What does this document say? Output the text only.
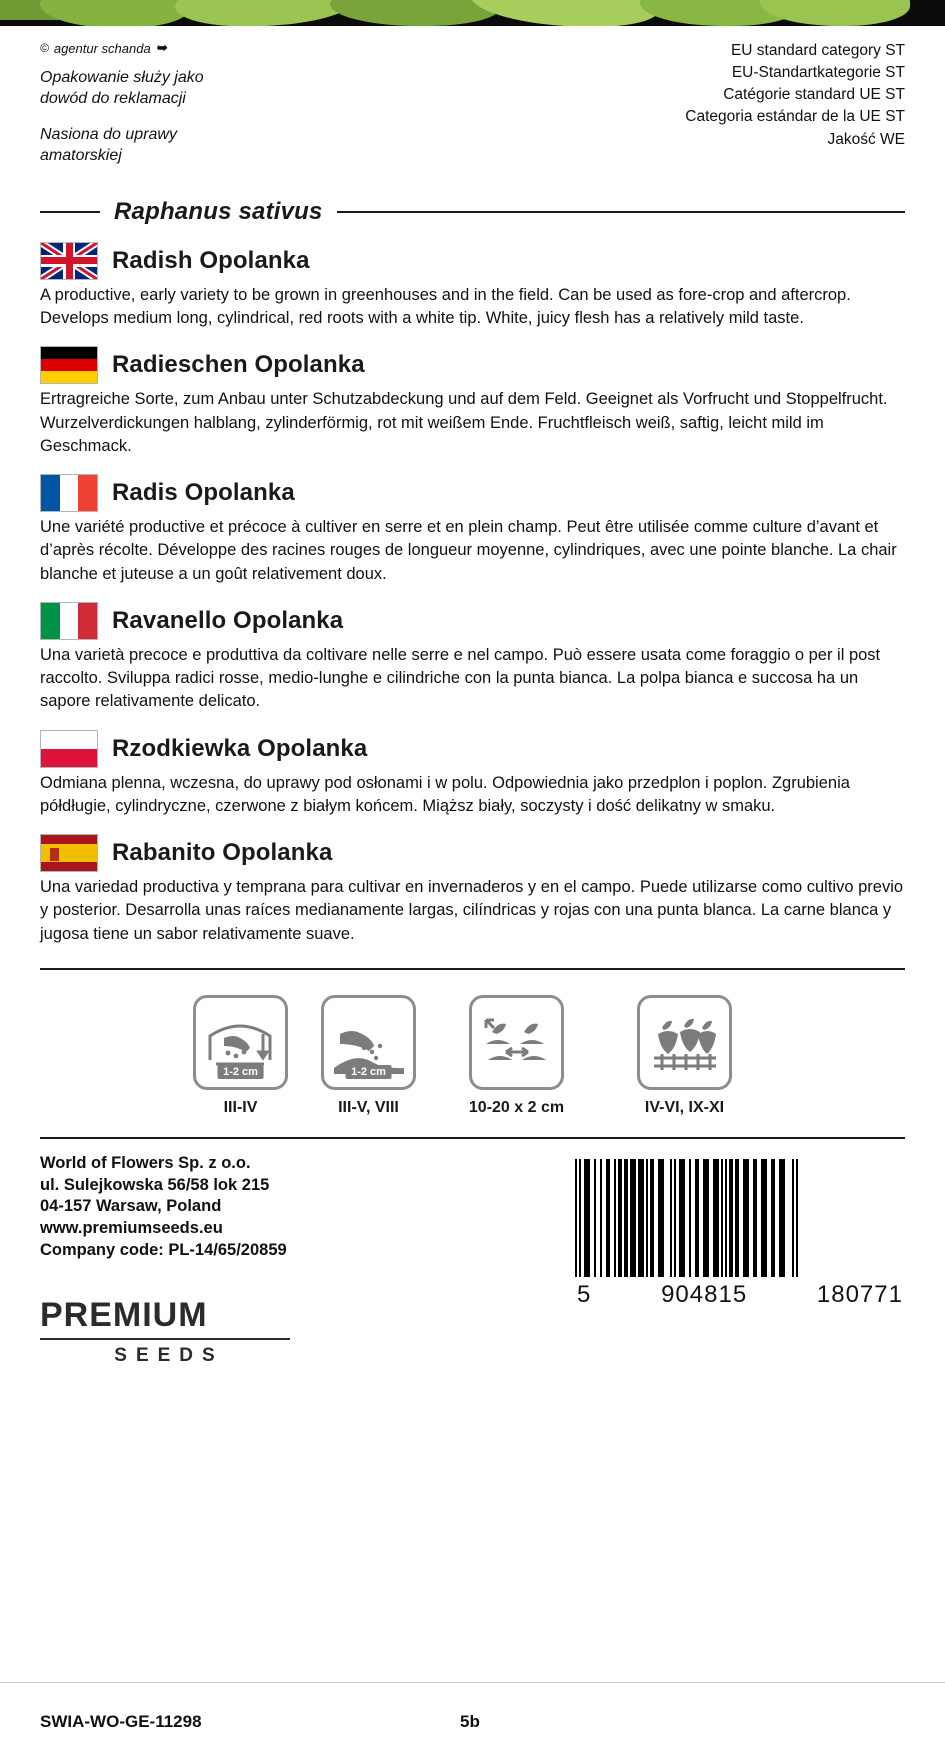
© agentur schanda ➥

Opakowanie służy jako

dowód do reklamacji

Nasiona do uprawy

amatorskiej

EU standard category ST
EU-Standartkategorie ST
Catégorie standard UE ST
Categoria estándar de la UE ST
Jakość WE
Raphanus sativus
Radish Opolanka

A productive, early variety to be grown in greenhouses and in the field. Can be used as fore-crop and aftercrop. Develops medium long, cylindrical, red roots with a white tip. White, juicy flesh has a relatively mild taste.

Radieschen Opolanka

Ertragreiche Sorte, zum Anbau unter Schutzabdeckung und auf dem Feld. Geeignet als Vorfrucht und Stoppelfrucht. Wurzelverdickungen halblang, zylinderförmig, rot mit weißem Ende. Fruchtfleisch weiß, saftig, leicht mild im Geschmack.

Radis Opolanka

Une variété productive et précoce à cultiver en serre et en plein champ. Peut être utilisée comme culture d’avant et d’après récolte. Développe des racines rouges de longueur moyenne, cylindriques, avec une pointe blanche. La chair blanche et juteuse a un goût relativement doux.

Ravanello Opolanka

Una varietà precoce e produttiva da coltivare nelle serre e nel campo. Può essere usata come foraggio o per il post raccolto. Sviluppa radici rosse, medio-lunghe e cilindriche con la punta bianca. La polpa bianca e succosa ha un sapore relativamente delicato.

Rzodkiewka Opolanka

Odmiana plenna, wczesna, do uprawy pod osłonami i w polu. Odpowiednia jako przedplon i poplon. Zgrubienia półdługie, cylindryczne, czerwone z białym końcem. Miąższ biały, soczysty i dość delikatny w smaku.

Rabanito Opolanka

Una variedad productiva y temprana para cultivar en invernaderos y en el campo. Puede utilizarse como cultivo previo y posterior. Desarrolla unas raíces medianamente largas, cilíndricas y rojas con una punta blanca. La carne blanca y jugosa tiene un sabor relativamente suave.

1-2 cm
III-IV
1-2 cm
III-V, VIII	10-20 x 2 cm	IV-VI, IX-XI
World of Flowers Sp. z o.o.
ul. Sulejkowska 56/58 lok 215
04-157 Warsaw, Poland
www.premiumseeds.eu
Company code: PL-14/65/20859
PREMIUM
SEEDS
5	904815	180771
SWIA-WO-GE-11298	5b
